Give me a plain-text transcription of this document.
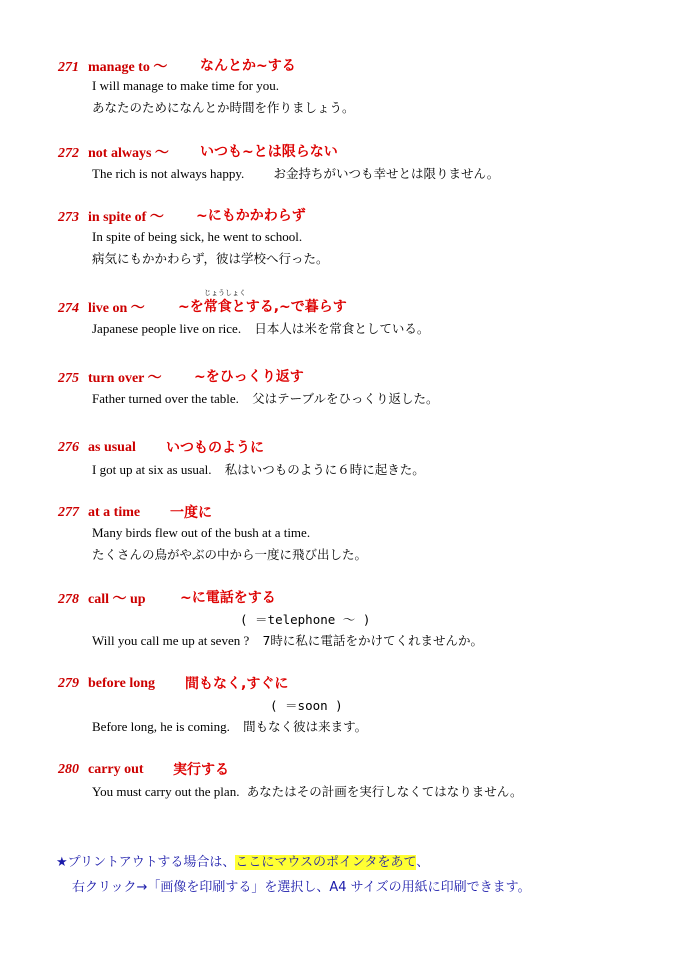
271 manage to ～ なんとか~する
I will manage to make time for you.
あなたのためになんとか時間を作りましょう。
272 not always ～ いつも~とは限らない
The rich is not always happy. お金持ちがいつも幸せとは限りません。
273 in spite of ～ ~にもかかわらず
In spite of being sick, he went to school.
病気にもかかわらず，彼は学校へ行った。
じょうしょく
274 live on ～ ~を常食とする,~で暮らす
Japanese people live on rice. 日本人は米を常食としている。
275 turn over ～ ~をひっくり返す
Father turned over the table. 父はテーブルをひっくり返した。
276 as usual いつものように
I got up at six as usual. 私はいつものように６時に起きた。
277 at a time 一度に
Many birds flew out of the bush at a time.
たくさんの鳥がやぶの中から一度に飛び出した。
278 call ～ up ~に電話をする
( ＝telephone ～ )
Will you call me up at seven ? 7時に私に電話をかけてくれませんか。
279 before long 間もなく,すぐに
( ＝soon )
Before long, he is coming. 間もなく彼は来ます。
280 carry out 実行する
You must carry out the plan. あなたはその計画を実行しなくてはなりません。
★プリントアウトする場合は、ここにマウスのポインタをあて、
右クリック→「画像を印刷する」を選択し、A4 サイズの用紙に印刷できます。
